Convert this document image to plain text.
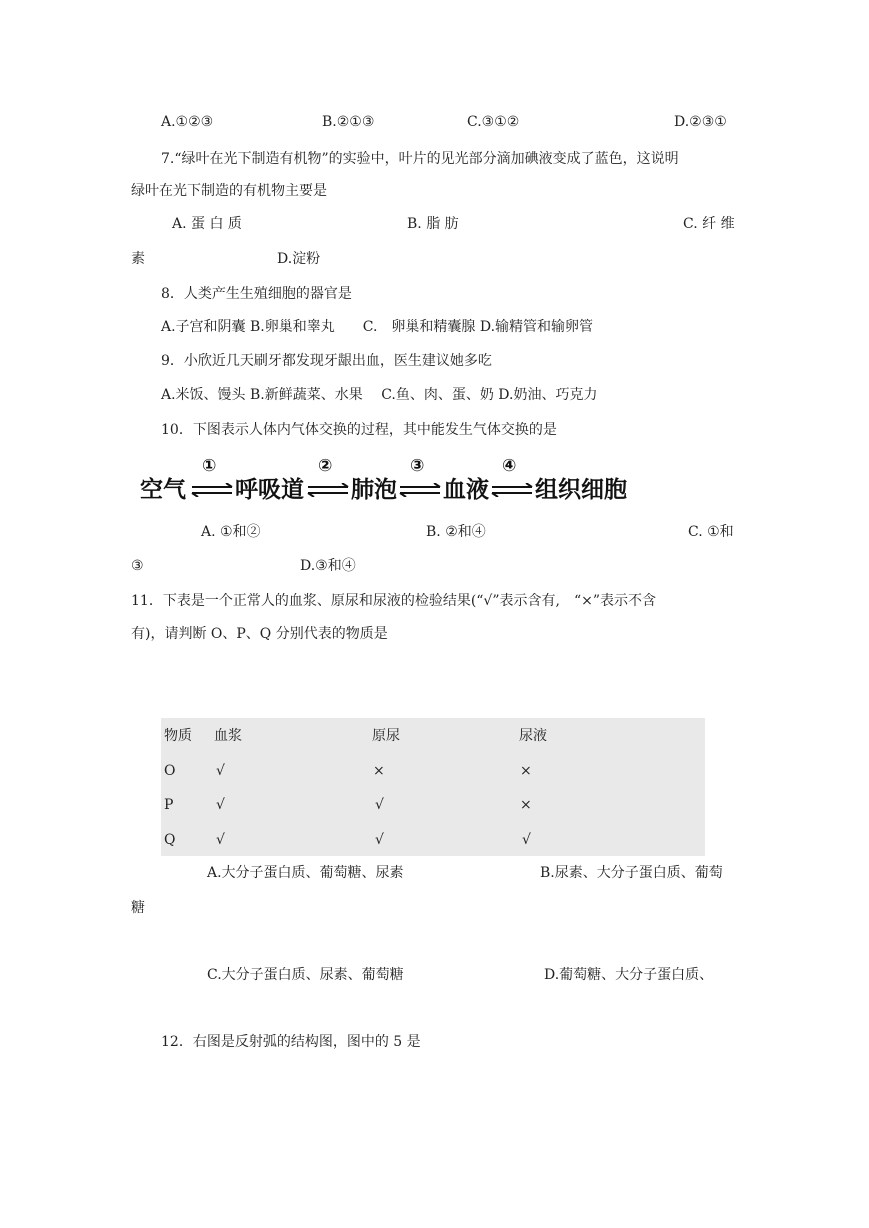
A.①②③	B.②①③	C.③①②	D.②③①
7.“绿叶在光下制造有机物”的实验中，叶片的见光部分滴加碘液变成了蓝色，这说明
绿叶在光下制造的有机物主要是
A. 蛋 白 质	B. 脂 肪	C. 纤 维
素	D.淀粉
8．人类产生生殖细胞的器官是
A.子宫和阴囊 B.卵巢和睾丸　　C.　卵巢和精囊腺 D.输精管和输卵管
9．小欣近几天刷牙都发现牙龈出血，医生建议她多吃
A.米饭、馒头 B.新鲜蔬菜、水果　 C.鱼、肉、蛋、奶 D.奶油、巧克力
10．下图表示人体内气体交换的过程，其中能发生气体交换的是
空气
①
呼吸道
②
肺泡
③
血液
④
组织细胞
A. ①和②	B. ②和④	C. ①和
③	D.③和④
11．下表是一个正常人的血浆、原尿和尿液的检验结果(“√”表示含有,　“×”表示不含
有)，请判断 O、P、Q 分别代表的物质是
物质 血浆	原尿	尿液
O	√	×	×
P	√	√	×
Q	√	√	√
A.大分子蛋白质、葡萄糖、尿素	B.尿素、大分子蛋白质、葡萄
糖
C.大分子蛋白质、尿素、葡萄糖	D.葡萄糖、大分子蛋白质、
12．右图是反射弧的结构图，图中的 5 是
